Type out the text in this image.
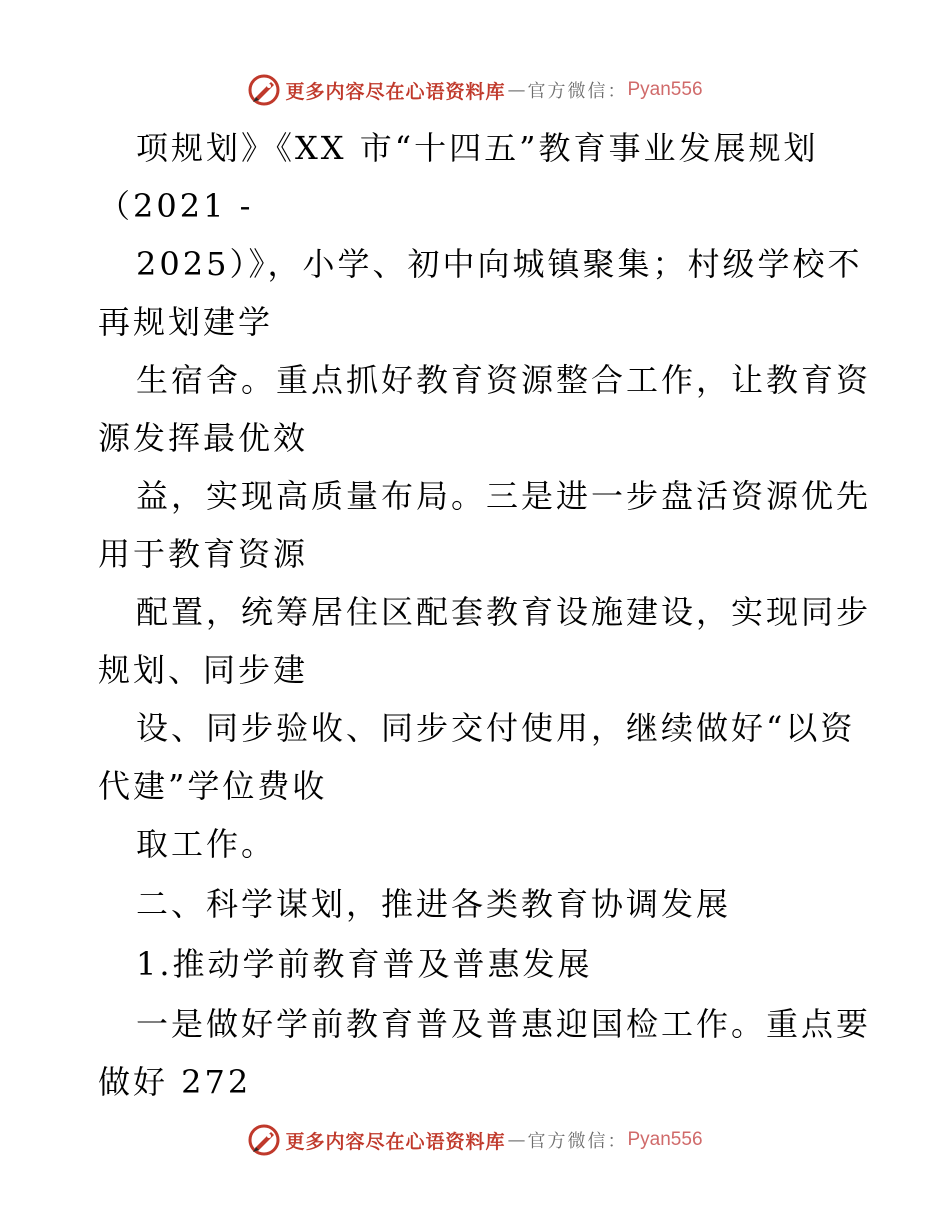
更多内容尽在心语资料库 — 官方微信： Pyan556
项规划》《XX 市“十四五”教育事业发展规划
（2021 -
2025）》，小学、初中向城镇聚集；村级学校不
再规划建学
生宿舍。重点抓好教育资源整合工作，让教育资
源发挥最优效
益，实现高质量布局。三是进一步盘活资源优先
用于教育资源
配置，统筹居住区配套教育设施建设，实现同步
规划、同步建
设、同步验收、同步交付使用，继续做好“以资
代建”学位费收
取工作。
二、科学谋划，推进各类教育协调发展
1.推动学前教育普及普惠发展
一是做好学前教育普及普惠迎国检工作。重点要
做好 272
更多内容尽在心语资料库 — 官方微信： Pyan556
